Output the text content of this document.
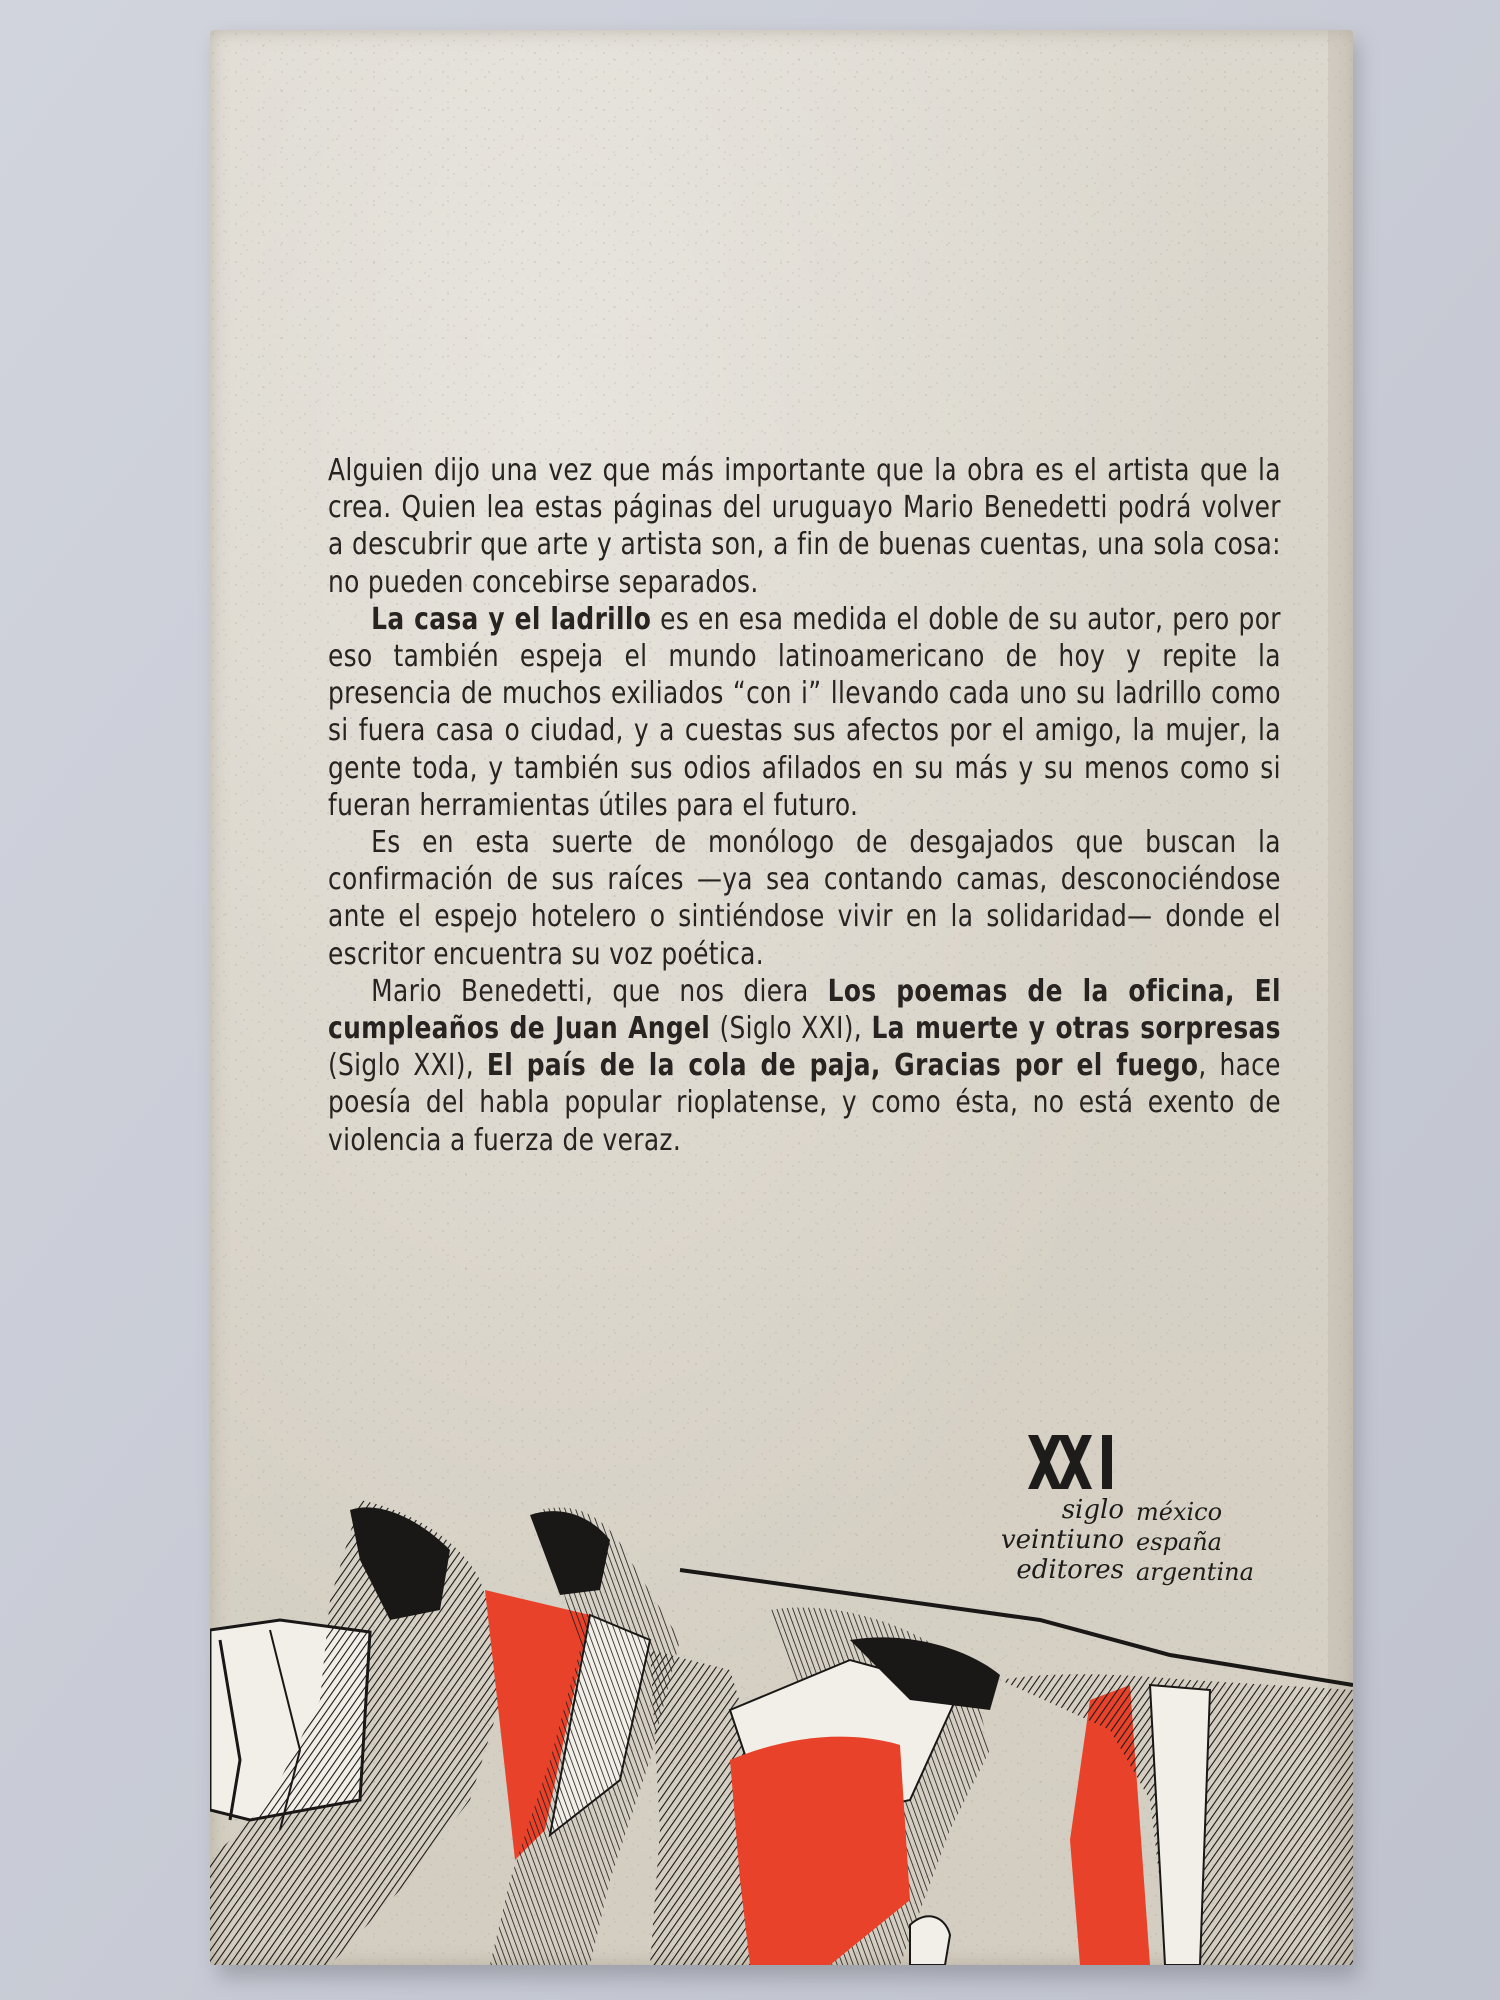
Alguien dijo una vez que más importante que la obra es el artista que la crea. Quien lea estas páginas del uruguayo Mario Benedetti podrá volver a descubrir que arte y artista son, a fin de buenas cuentas, una sola cosa: no pueden concebirse separados.

La casa y el ladrillo es en esa medida el doble de su autor, pero por eso también espeja el mundo latinoamericano de hoy y repite la presencia de muchos exiliados “con i” llevando cada uno su ladrillo como si fuera casa o ciudad, y a cuestas sus afectos por el amigo, la mujer, la gente toda, y también sus odios afilados en su más y su menos como si fueran herramientas útiles para el futuro.

Es en esta suerte de monólogo de desgajados que buscan la confirmación de sus raíces —ya sea contando camas, desconociéndose ante el espejo hotelero o sintiéndose vivir en la solidaridad— donde el escritor encuentra su voz poética.

Mario Benedetti, que nos diera Los poemas de la oficina, El cumpleaños de Juan Angel (Siglo XXI), La muerte y otras sorpresas (Siglo XXI), El país de la cola de paja, Gracias por el fuego, hace poesía del habla popular rioplatense, y como ésta, no está exento de violencia a fuerza de veraz.

siglo
veintiuno
editores
méxico
españa
argentina
